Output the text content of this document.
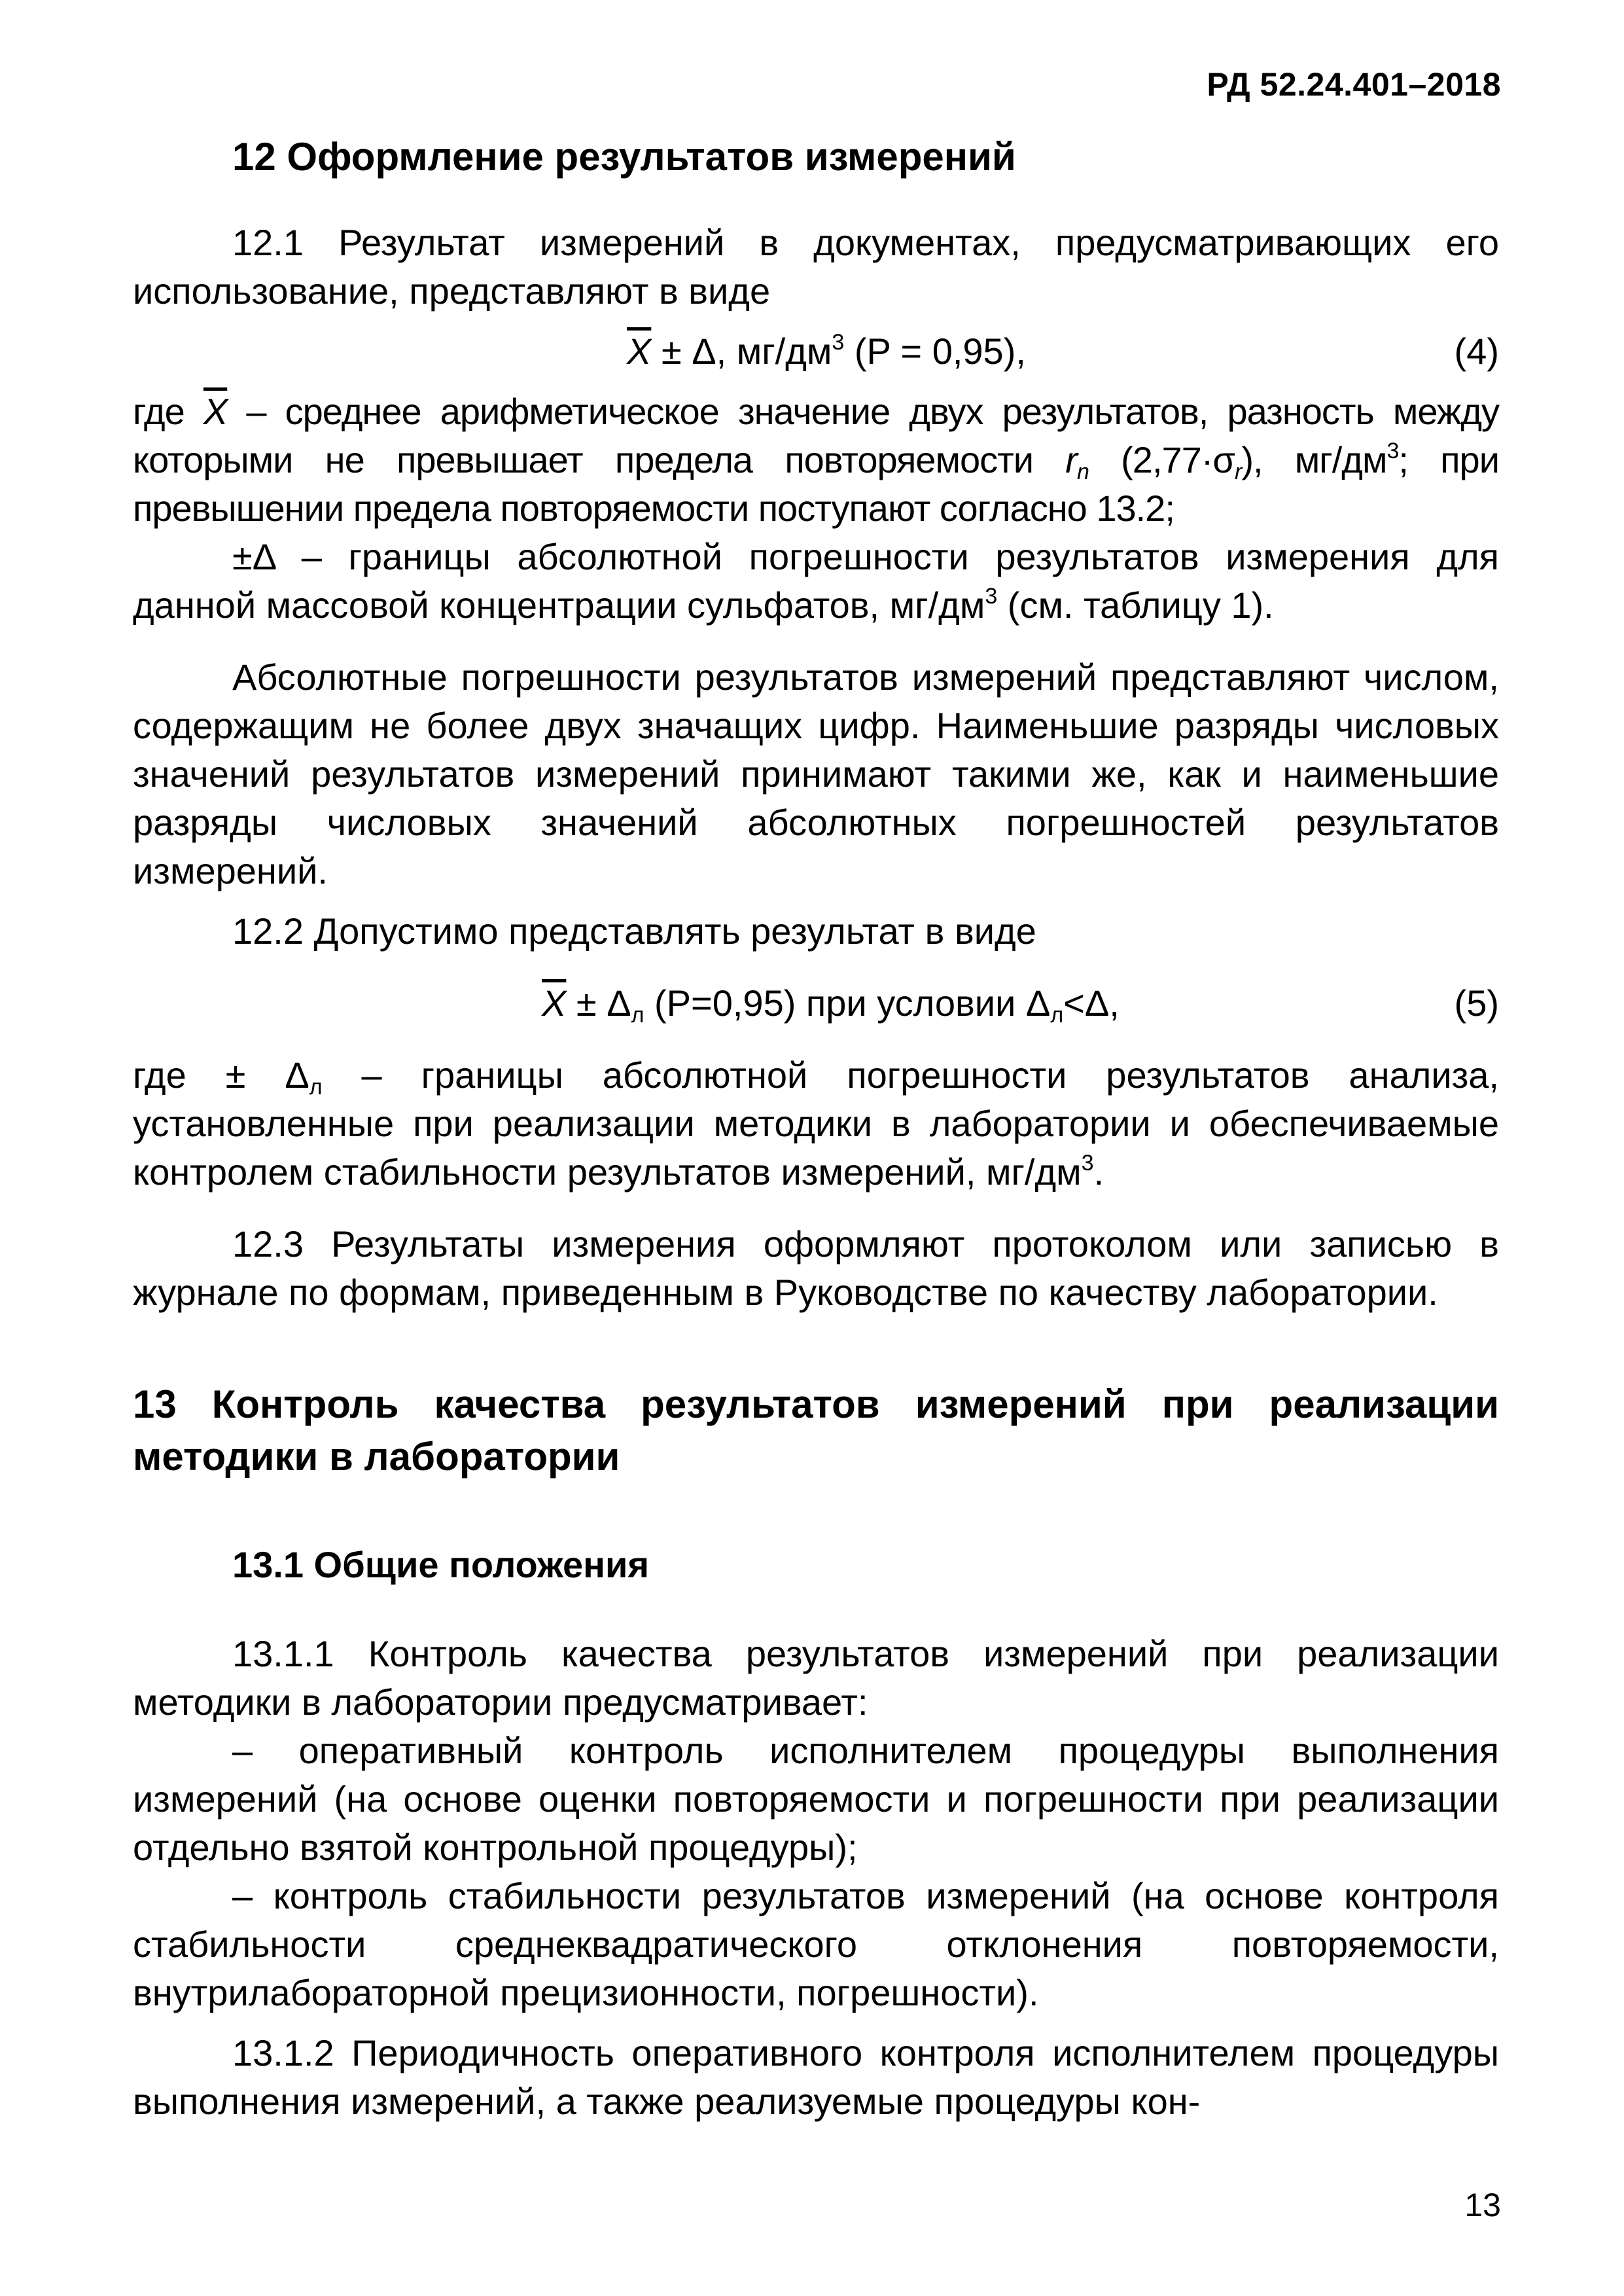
РД 52.24.401–2018
12 Оформление результатов измерений

12.1 Результат измерений в документах, предусматривающих его использование, представляют в виде

$\overline{X} \pm \Delta$, $мг/дм^3$ (P = 0,95),	(4)

где $\overline{X}$ – среднее арифметическое значение двух результатов, разность между которыми не превышает предела повторяемости $r_n$ $(2,77\cdot\sigma_r)$, $мг/дм^3$; при превышении предела повторяемости поступают согласно 13.2;

±Δ – границы абсолютной погрешности результатов измерения для данной массовой концентрации сульфатов, $мг/дм^3$ (см. таблицу 1).

Абсолютные погрешности результатов измерений представляют числом, содержащим не более двух значащих цифр. Наименьшие разряды числовых значений результатов измерений принимают такими же, как и наименьшие разряды числовых значений абсолютных погрешностей результатов измерений.

12.2 Допустимо представлять результат в виде

$\overline{X} \pm \Delta_л$ (P=0,95) при условии $\Delta_л<\Delta$,	(5)

где ± $\Delta_л$ – границы абсолютной погрешности результатов анализа, установленные при реализации методики в лаборатории и обеспечиваемые контролем стабильности результатов измерений, $мг/дм^3$.

12.3 Результаты измерения оформляют протоколом или записью в журнале по формам, приведенным в Руководстве по качеству лаборатории.

13 Контроль качества результатов измерений при реализации методики в лаборатории
13.1 Общие положения

13.1.1 Контроль качества результатов измерений при реализации методики в лаборатории предусматривает:

– оперативный контроль исполнителем процедуры выполнения измерений (на основе оценки повторяемости и погрешности при реализации отдельно взятой контрольной процедуры);

– контроль стабильности результатов измерений (на основе контроля стабильности среднеквадратического отклонения повторяемости, внутрилабораторной прецизионности, погрешности).

13.1.2 Периодичность оперативного контроля исполнителем процедуры выполнения измерений, а также реализуемые процедуры кон-

13
